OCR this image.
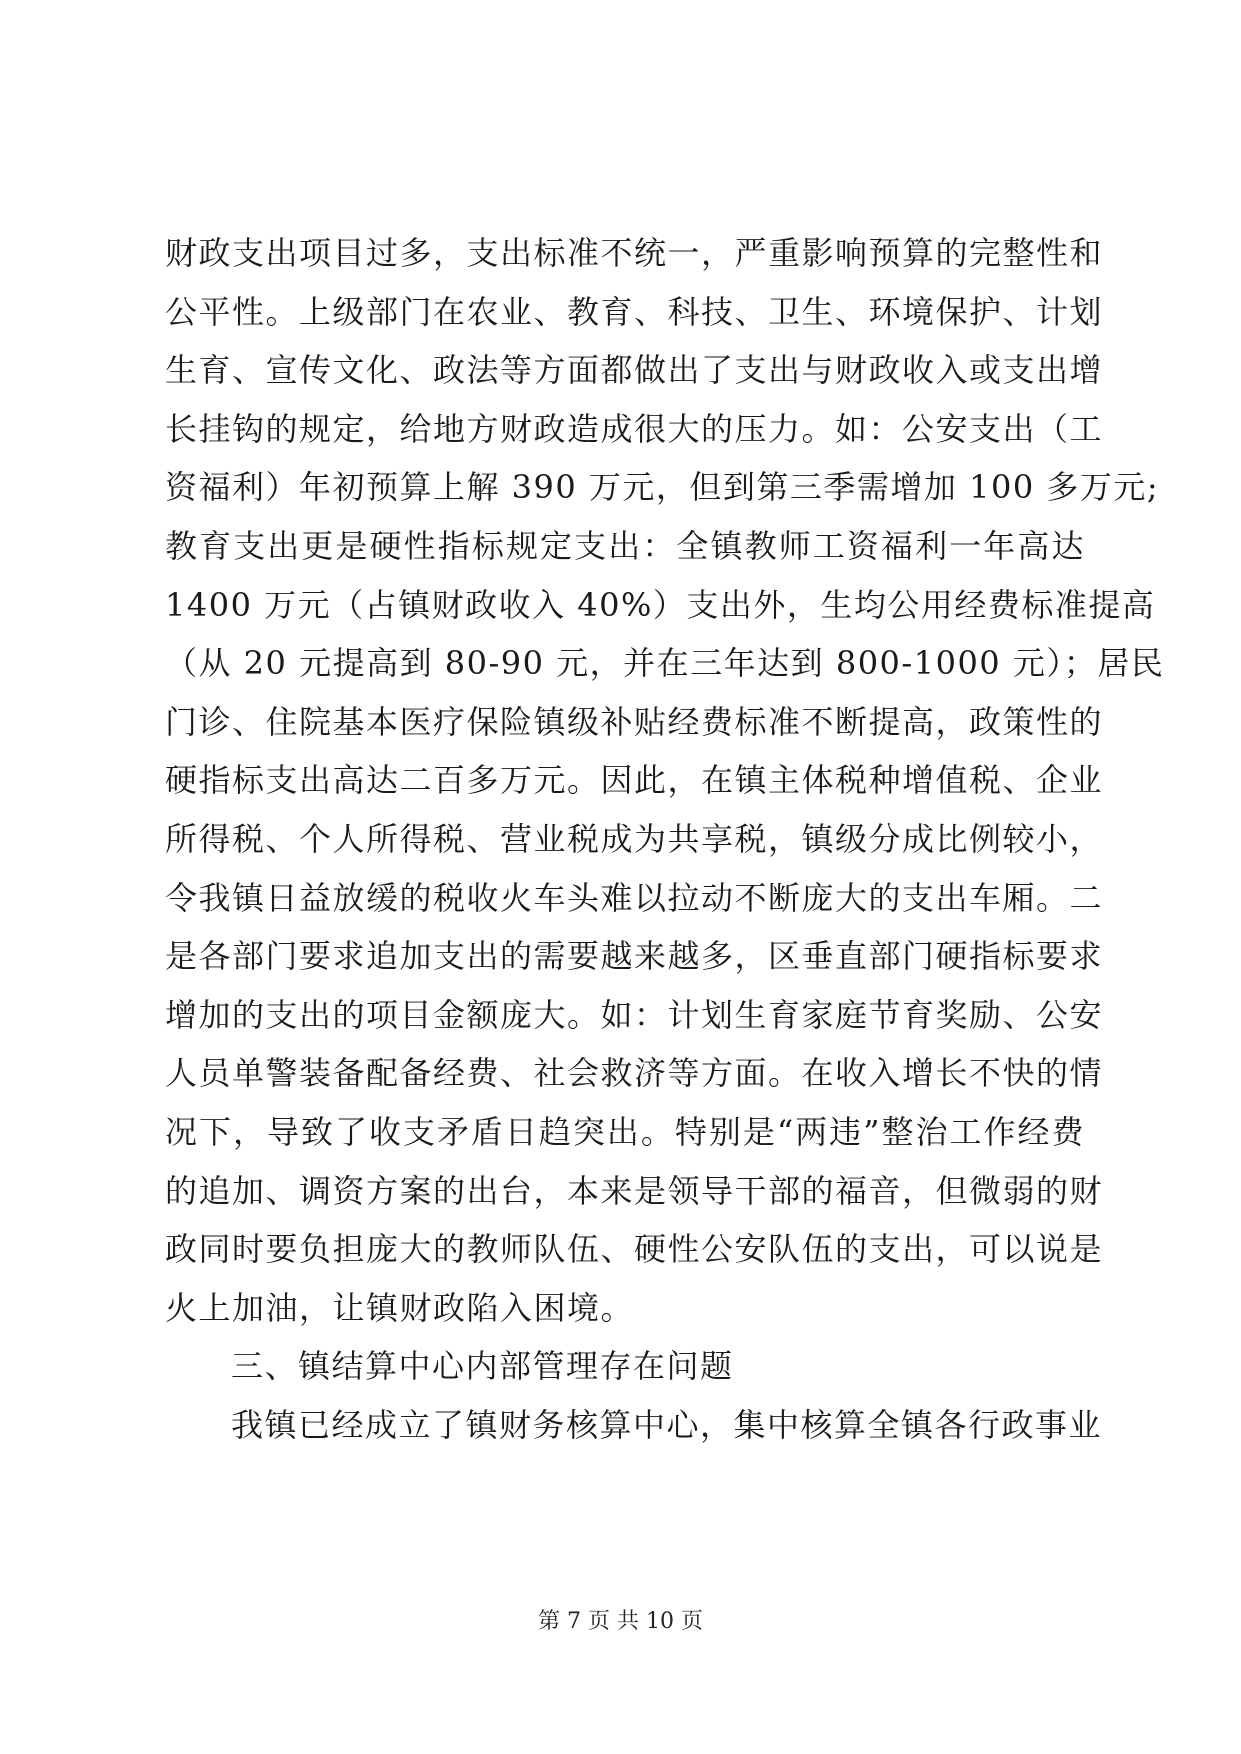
财政支出项目过多，支出标准不统一，严重影响预算的完整性和
公平性。上级部门在农业、教育、科技、卫生、环境保护、计划
生育、宣传文化、政法等方面都做出了支出与财政收入或支出增
长挂钩的规定，给地方财政造成很大的压力。如：公安支出（工
资福利）年初预算上解 390 万元，但到第三季需增加 100 多万元;
教育支出更是硬性指标规定支出：全镇教师工资福利一年高达
1400 万元（占镇财政收入 40%）支出外，生均公用经费标准提高
（从 20 元提高到 80-90 元，并在三年达到 800-1000 元）；居民
门诊、住院基本医疗保险镇级补贴经费标准不断提高，政策性的
硬指标支出高达二百多万元。因此，在镇主体税种增值税、企业
所得税、个人所得税、营业税成为共享税，镇级分成比例较小，
令我镇日益放缓的税收火车头难以拉动不断庞大的支出车厢。二
是各部门要求追加支出的需要越来越多，区垂直部门硬指标要求
增加的支出的项目金额庞大。如：计划生育家庭节育奖励、公安
人员单警装备配备经费、社会救济等方面。在收入增长不快的情
况下，导致了收支矛盾日趋突出。特别是“两违”整治工作经费
的追加、调资方案的出台，本来是领导干部的福音，但微弱的财
政同时要负担庞大的教师队伍、硬性公安队伍的支出，可以说是
火上加油，让镇财政陷入困境。
三、镇结算中心内部管理存在问题
我镇已经成立了镇财务核算中心，集中核算全镇各行政事业
第 7 页 共 10 页
